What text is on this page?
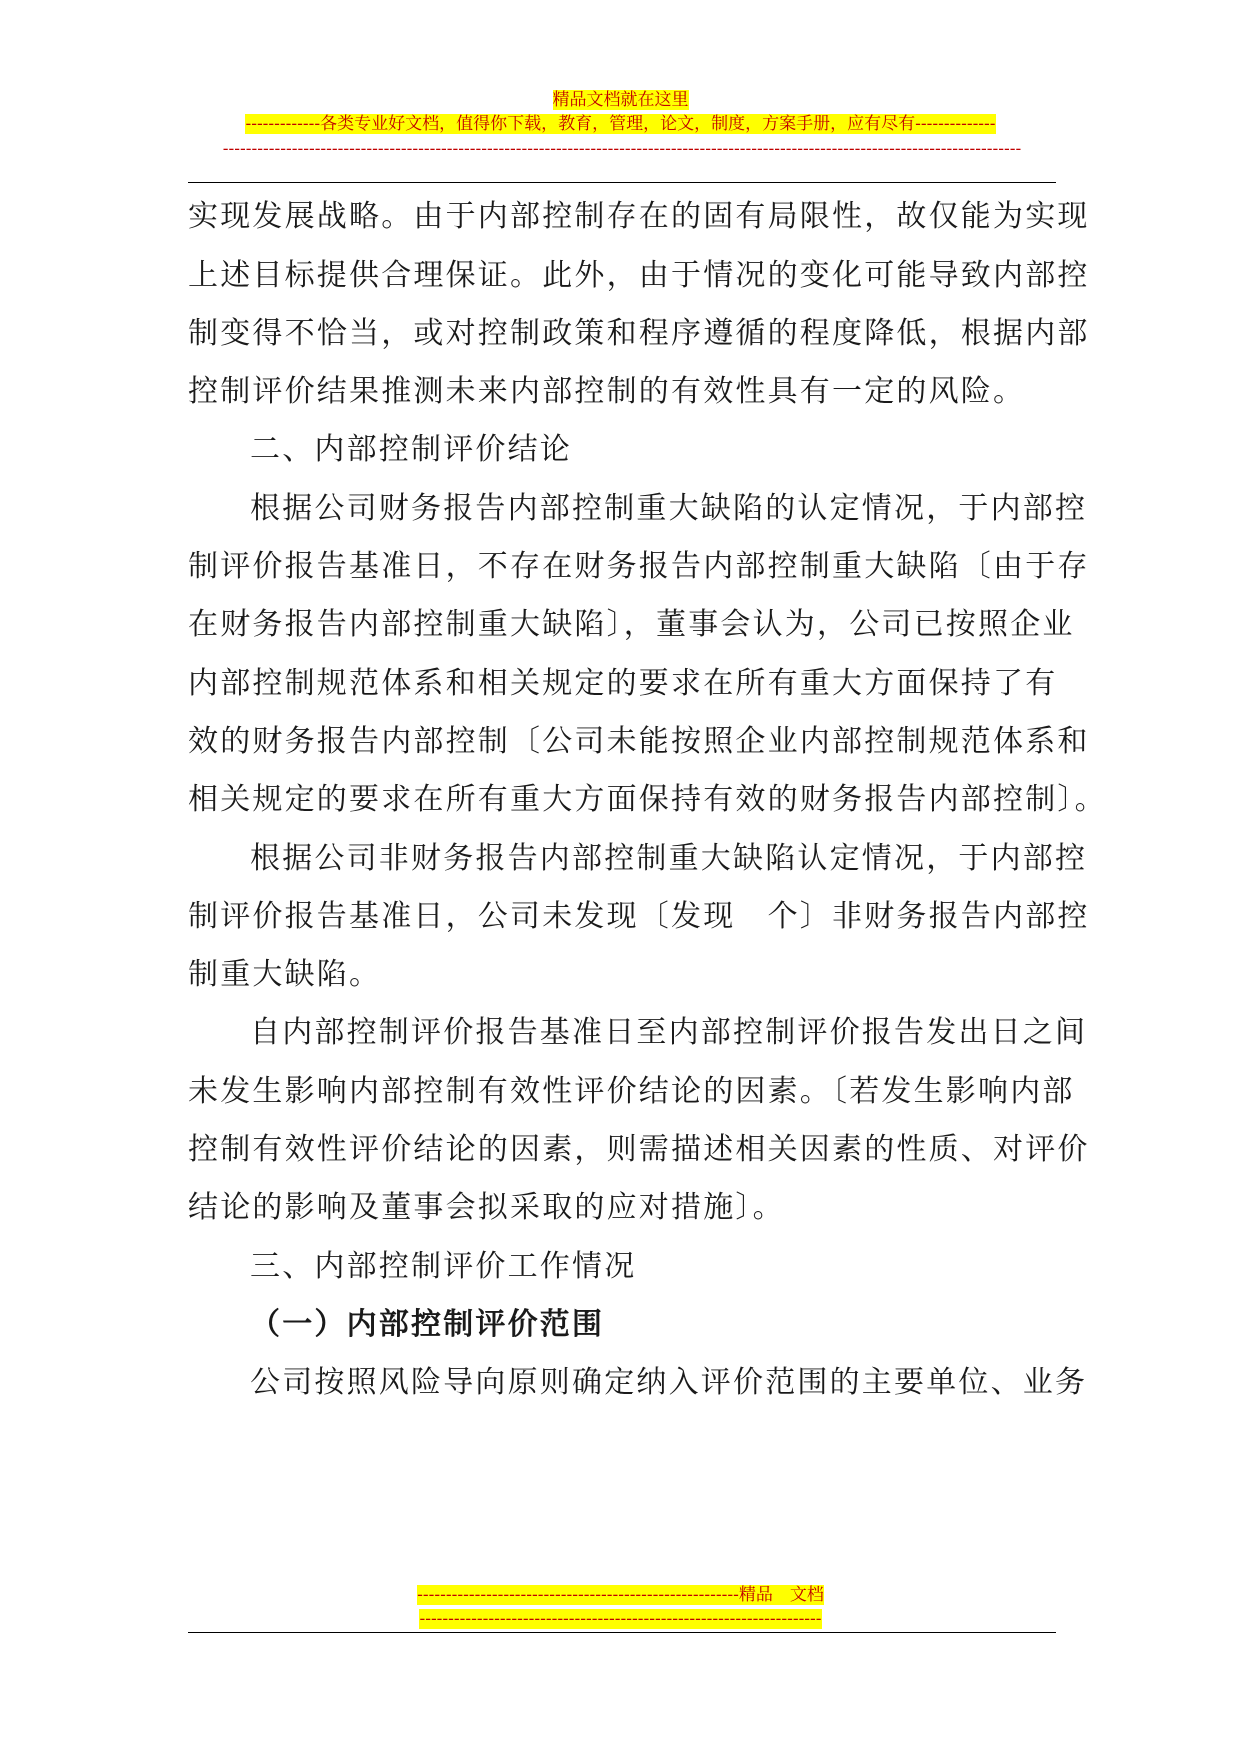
精品文档就在这里
-------------各类专业好文档，值得你下载，教育，管理，论文，制度，方案手册，应有尽有--------------
-------------------------------------------------------------------------------------------------------------------------------------------
实现发展战略。由于内部控制存在的固有局限性，故仅能为实现
上述目标提供合理保证。此外，由于情况的变化可能导致内部控
制变得不恰当，或对控制政策和程序遵循的程度降低，根据内部
控制评价结果推测未来内部控制的有效性具有一定的风险。
二、内部控制评价结论
根据公司财务报告内部控制重大缺陷的认定情况，于内部控
制评价报告基准日，不存在财务报告内部控制重大缺陷〔由于存
在财务报告内部控制重大缺陷〕，董事会认为，公司已按照企业
内部控制规范体系和相关规定的要求在所有重大方面保持了有
效的财务报告内部控制〔公司未能按照企业内部控制规范体系和
相关规定的要求在所有重大方面保持有效的财务报告内部控制〕。
根据公司非财务报告内部控制重大缺陷认定情况，于内部控
制评价报告基准日，公司未发现〔发现　个〕非财务报告内部控
制重大缺陷。
自内部控制评价报告基准日至内部控制评价报告发出日之间
未发生影响内部控制有效性评价结论的因素。〔若发生影响内部
控制有效性评价结论的因素，则需描述相关因素的性质、对评价
结论的影响及董事会拟采取的应对措施〕。
三、内部控制评价工作情况
（一）内部控制评价范围
公司按照风险导向原则确定纳入评价范围的主要单位、业务
--------------------------------------------------------精品　文档
----------------------------------------------------------------------
